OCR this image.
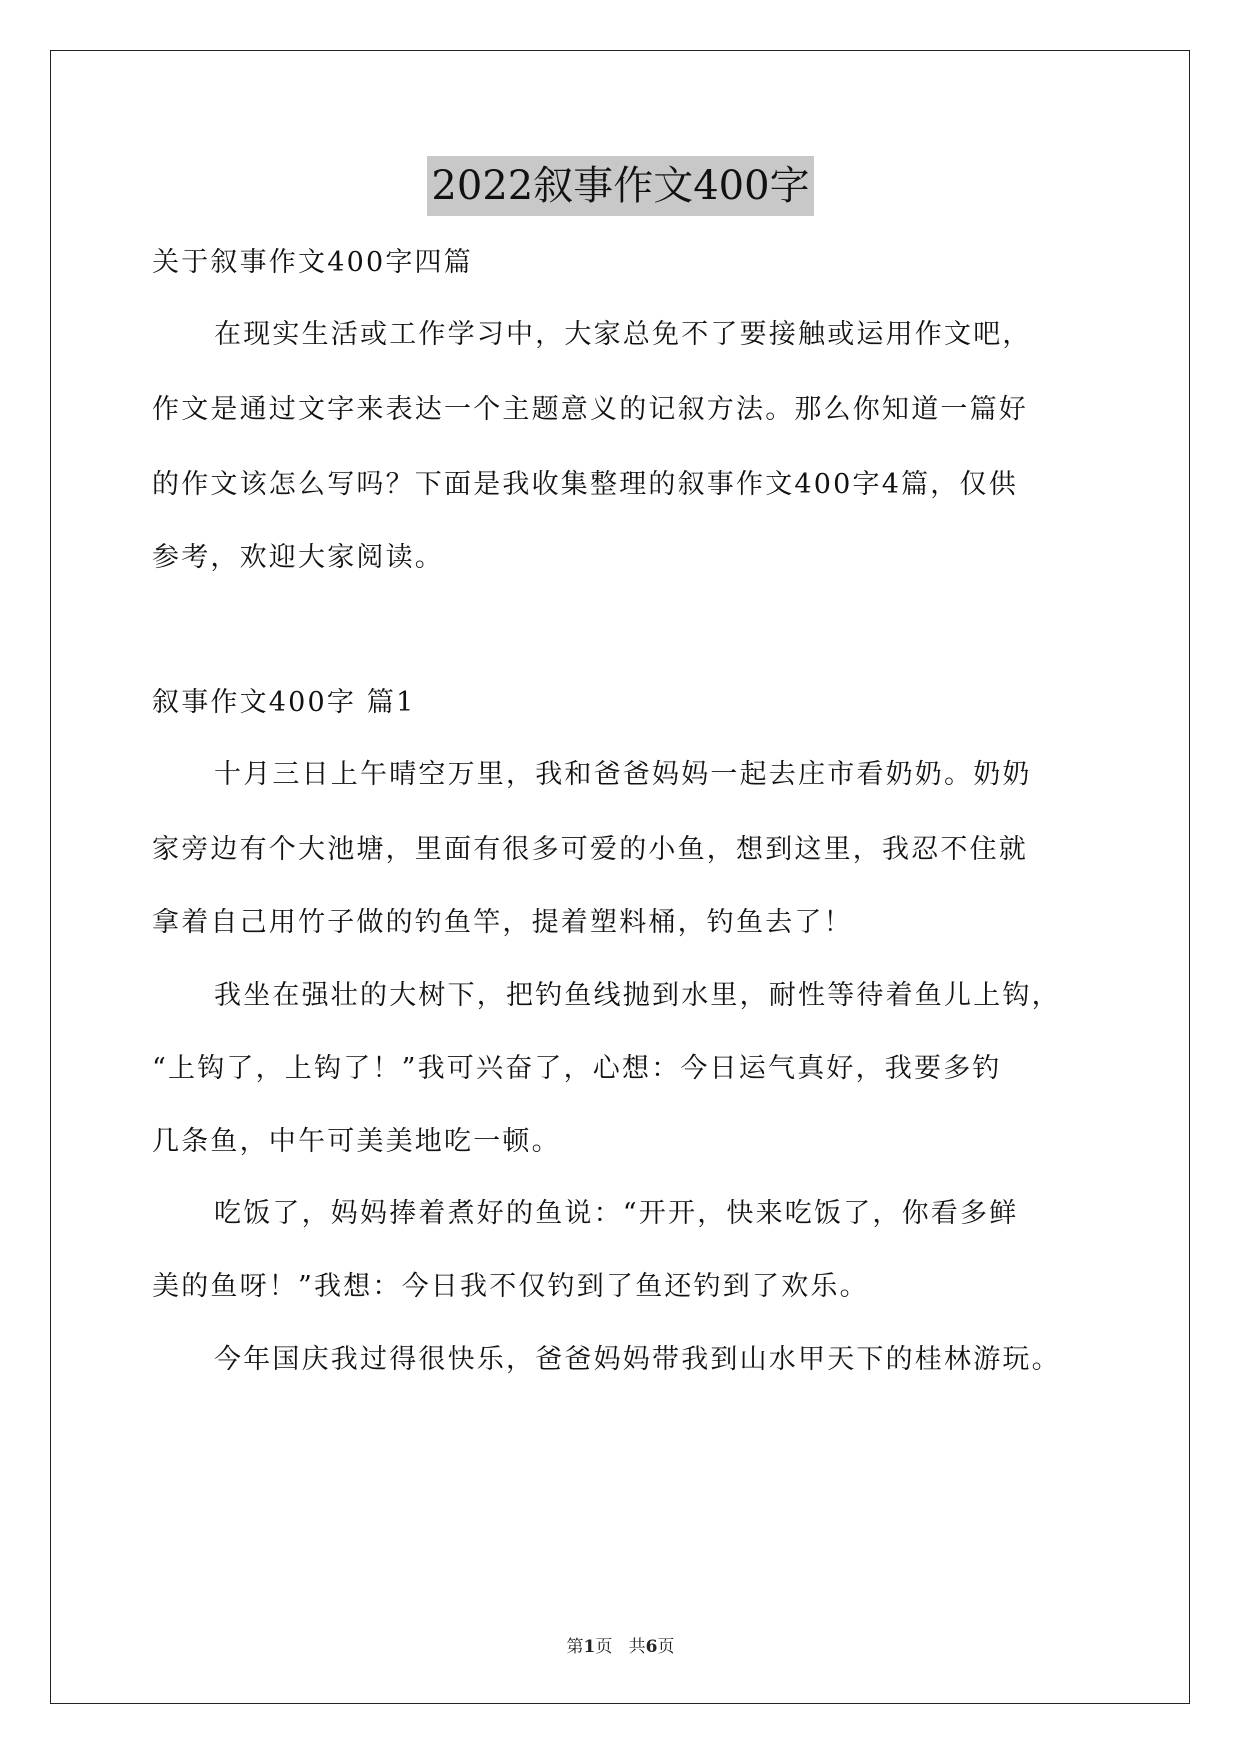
2022叙事作文400字
关于叙事作文400字四篇
在现实生活或工作学习中，大家总免不了要接触或运用作文吧，
作文是通过文字来表达一个主题意义的记叙方法。那么你知道一篇好
的作文该怎么写吗？下面是我收集整理的叙事作文400字4篇，仅供
参考，欢迎大家阅读。
叙事作文400字 篇1
十月三日上午晴空万里，我和爸爸妈妈一起去庄市看奶奶。奶奶
家旁边有个大池塘，里面有很多可爱的小鱼，想到这里，我忍不住就
拿着自己用竹子做的钓鱼竿，提着塑料桶，钓鱼去了！
我坐在强壮的大树下，把钓鱼线抛到水里，耐性等待着鱼儿上钩，
“上钩了，上钩了！”我可兴奋了，心想：今日运气真好，我要多钓
几条鱼，中午可美美地吃一顿。
吃饭了，妈妈捧着煮好的鱼说：“开开，快来吃饭了，你看多鲜
美的鱼呀！”我想：今日我不仅钓到了鱼还钓到了欢乐。
今年国庆我过得很快乐，爸爸妈妈带我到山水甲天下的桂林游玩。
第1页   共6页
